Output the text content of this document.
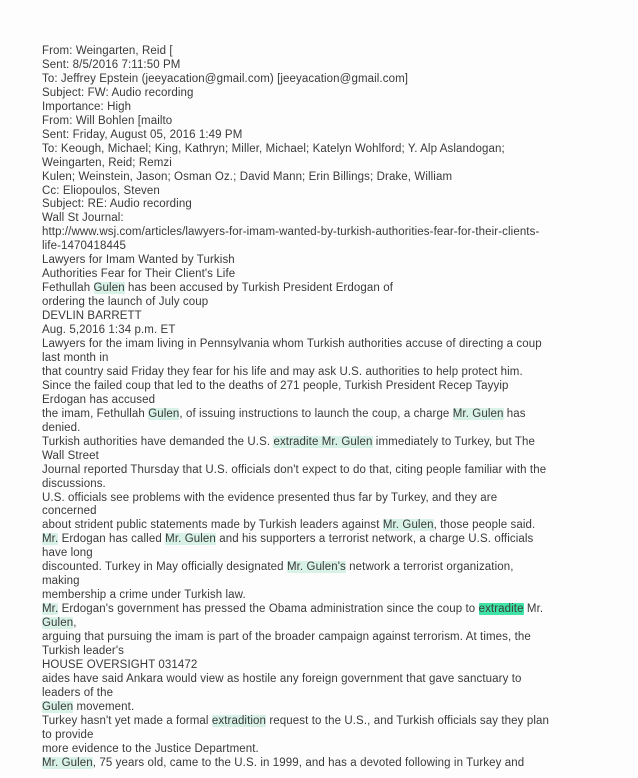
From: Weingarten, Reid [
Sent: 8/5/2016 7:11:50 PM
To: Jeffrey Epstein (jeeyacation@gmail.com) [jeeyacation@gmail.com]
Subject: FW: Audio recording
Importance: High
From: Will Bohlen [mailto
Sent: Friday, August 05, 2016 1:49 PM
To: Keough, Michael; King, Kathryn; Miller, Michael; Katelyn Wohlford; Y. Alp Aslandogan;
Weingarten, Reid; Remzi
Kulen; Weinstein, Jason; Osman Oz.; David Mann; Erin Billings; Drake, William
Cc: Eliopoulos, Steven
Subject: RE: Audio recording
Wall St Journal:
http://www.wsj.com/articles/lawyers-for-imam-wanted-by-turkish-authorities-fear-for-their-clients-
life-1470418445
Lawyers for Imam Wanted by Turkish
Authorities Fear for Their Client's Life
Fethullah Gulen has been accused by Turkish President Erdogan of
ordering the launch of July coup
DEVLIN BARRETT
Aug. 5,2016 1:34 p.m. ET
Lawyers for the imam living in Pennsylvania whom Turkish authorities accuse of directing a coup
last month in
that country said Friday they fear for his life and may ask U.S. authorities to help protect him.
Since the failed coup that led to the deaths of 271 people, Turkish President Recep Tayyip
Erdogan has accused
the imam, Fethullah Gulen, of issuing instructions to launch the coup, a charge Mr. Gulen has
denied.
Turkish authorities have demanded the U.S. extradite Mr. Gulen immediately to Turkey, but The
Wall Street
Journal reported Thursday that U.S. officials don't expect to do that, citing people familiar with the
discussions.
U.S. officials see problems with the evidence presented thus far by Turkey, and they are
concerned
about strident public statements made by Turkish leaders against Mr. Gulen, those people said.
Mr. Erdogan has called Mr. Gulen and his supporters a terrorist network, a charge U.S. officials
have long
discounted. Turkey in May officially designated Mr. Gulen's network a terrorist organization,
making
membership a crime under Turkish law.
Mr. Erdogan's government has pressed the Obama administration since the coup to extradite Mr.
Gulen,
arguing that pursuing the imam is part of the broader campaign against terrorism. At times, the
Turkish leader's
HOUSE OVERSIGHT 031472
aides have said Ankara would view as hostile any foreign government that gave sanctuary to
leaders of the
Gulen movement.
Turkey hasn't yet made a formal extradition request to the U.S., and Turkish officials say they plan
to provide
more evidence to the Justice Department.
Mr. Gulen, 75 years old, came to the U.S. in 1999, and has a devoted following in Turkey and
